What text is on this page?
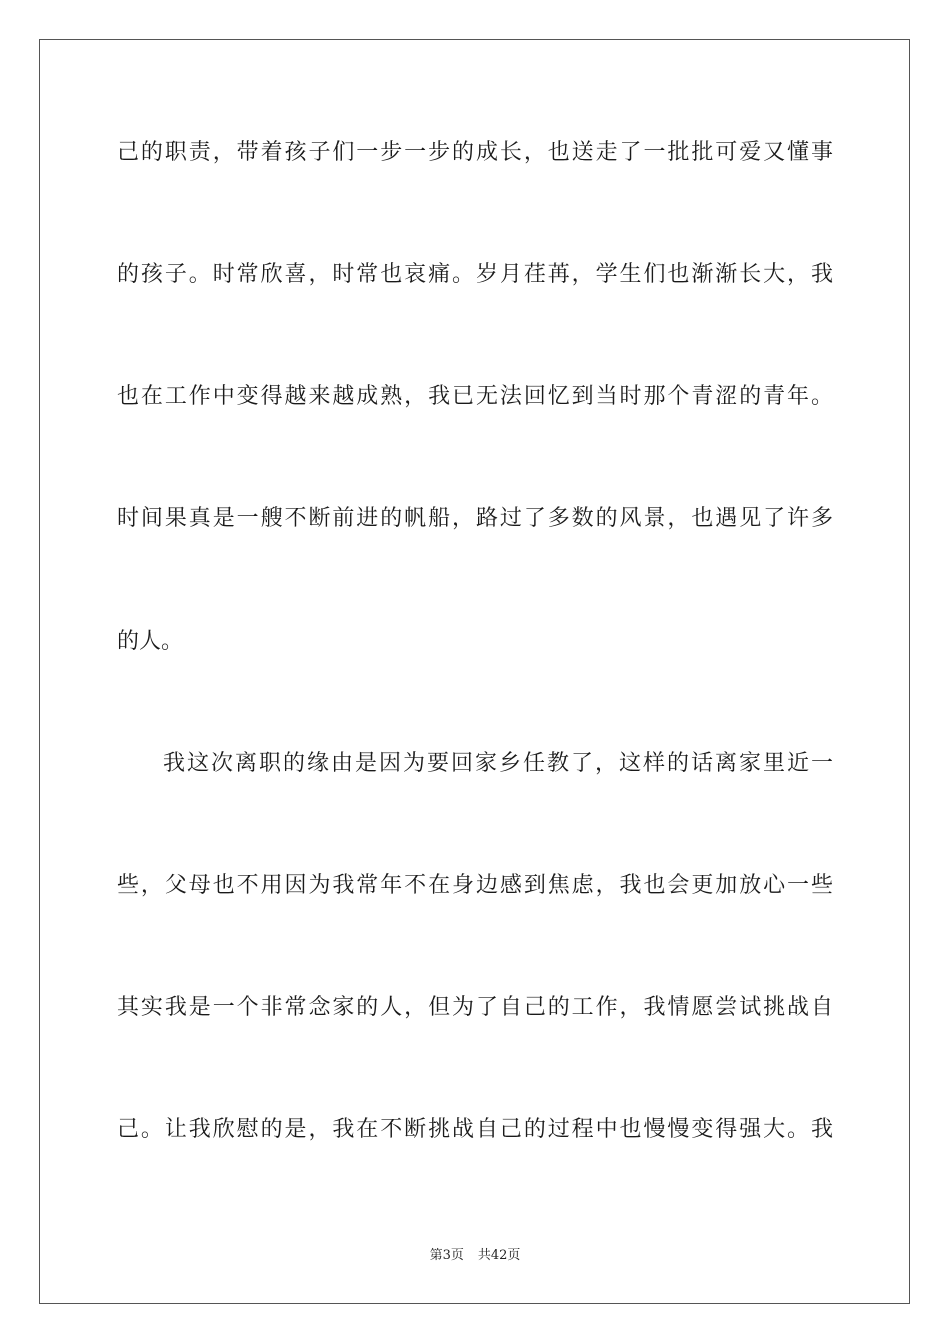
己的职责，带着孩子们一步一步的成长，也送走了一批批可爱又懂事
的孩子。时常欣喜，时常也哀痛。岁月荏苒，学生们也渐渐长大，我
也在工作中变得越来越成熟，我已无法回忆到当时那个青涩的青年。
时间果真是一艘不断前进的帆船，路过了多数的风景，也遇见了许多
的人。
我这次离职的缘由是因为要回家乡任教了，这样的话离家里近一
些，父母也不用因为我常年不在身边感到焦虑，我也会更加放心一些
其实我是一个非常念家的人，但为了自己的工作，我情愿尝试挑战自
己。让我欣慰的是，我在不断挑战自己的过程中也慢慢变得强大。我
第3页 共42页
